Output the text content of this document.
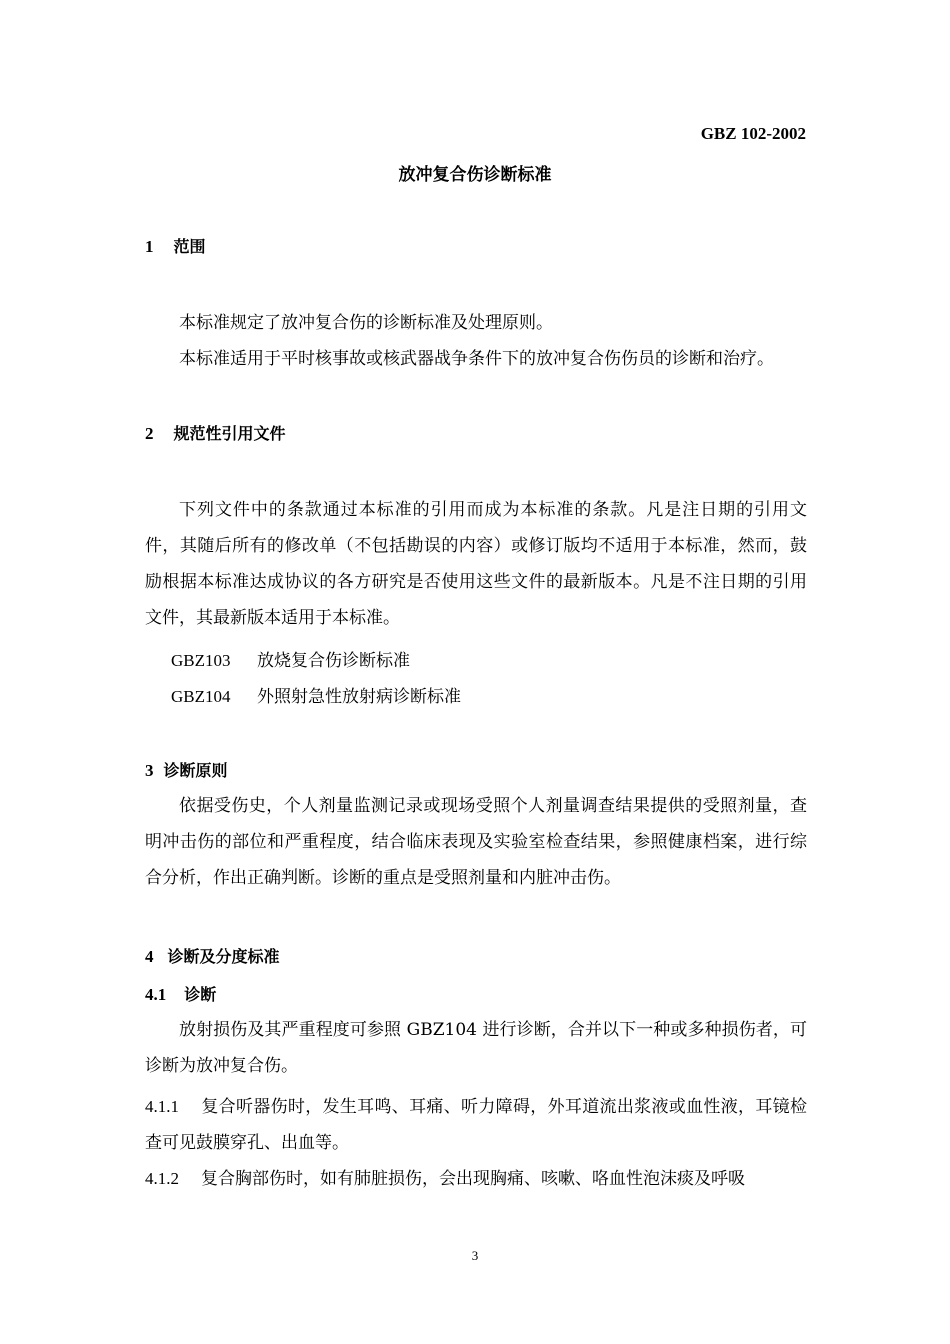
GBZ 102-2002
放冲复合伤诊断标准
1 范围
本标准规定了放冲复合伤的诊断标准及处理原则。
本标准适用于平时核事故或核武器战争条件下的放冲复合伤伤员的诊断和治疗。
2 规范性引用文件
下列文件中的条款通过本标准的引用而成为本标准的条款。凡是注日期的引用文件，其随后所有的修改单（不包括勘误的内容）或修订版均不适用于本标准，然而，鼓励根据本标准达成协议的各方研究是否使用这些文件的最新版本。凡是不注日期的引用文件，其最新版本适用于本标准。
GBZ103 放烧复合伤诊断标准
GBZ104 外照射急性放射病诊断标准
3 诊断原则
依据受伤史，个人剂量监测记录或现场受照个人剂量调查结果提供的受照剂量，查明冲击伤的部位和严重程度，结合临床表现及实验室检查结果，参照健康档案，进行综合分析，作出正确判断。诊断的重点是受照剂量和内脏冲击伤。
4 诊断及分度标准
4.1 诊断
放射损伤及其严重程度可参照 GBZ104 进行诊断，合并以下一种或多种损伤者，可诊断为放冲复合伤。
4.1.1 复合听器伤时，发生耳鸣、耳痛、听力障碍，外耳道流出浆液或血性液，耳镜检查可见鼓膜穿孔、出血等。
4.1.2 复合胸部伤时，如有肺脏损伤，会出现胸痛、咳嗽、咯血性泡沫痰及呼吸
3
